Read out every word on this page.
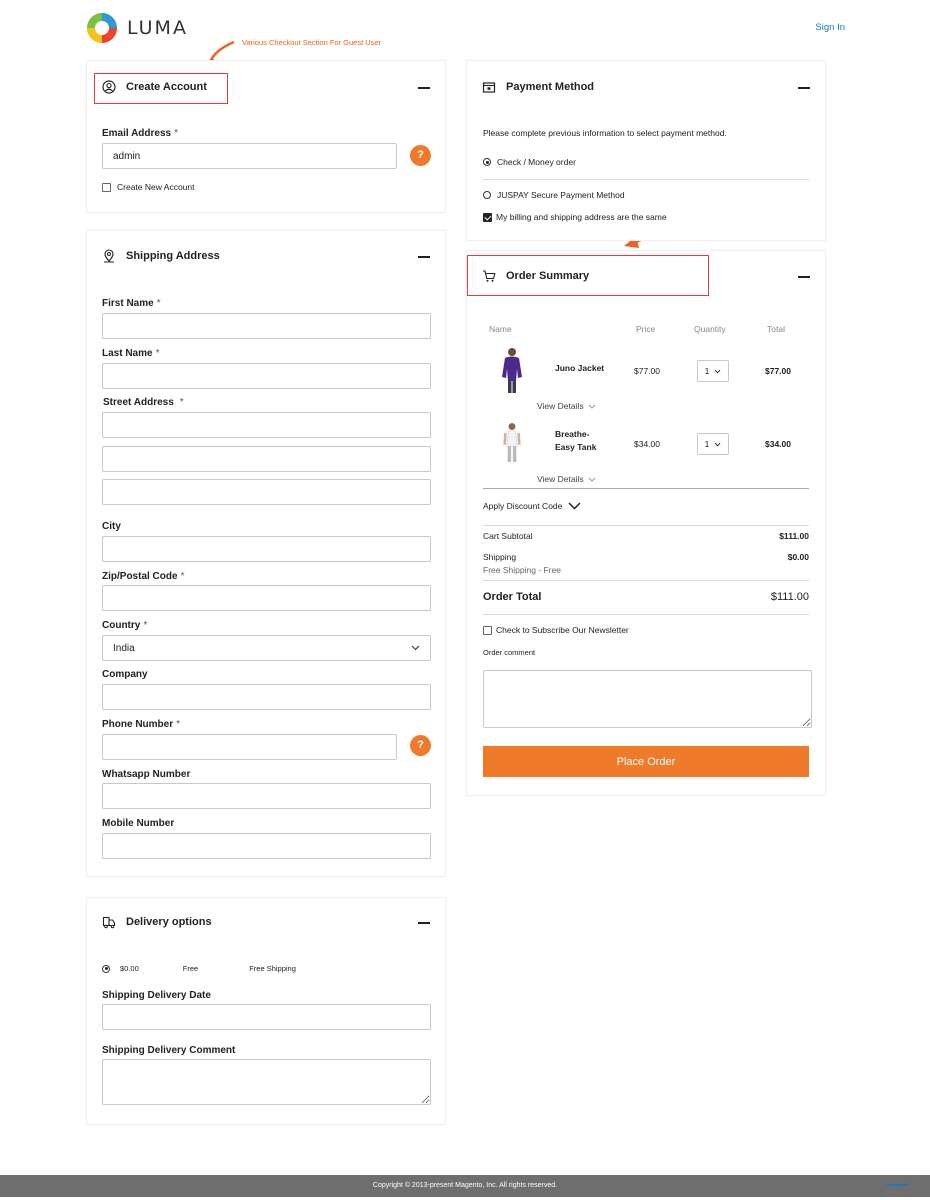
LUMA	Sign In
Various Checkout Section For Guest User
Create Account
Email Address *
admin
?
Create New Account
Shipping Address
First Name *
Last Name *
Street Address *
City
Zip/Postal Code *
Country *
India
Company
Phone Number *
?
Whatsapp Number
Mobile Number
Delivery options
$0.00	Free	Free Shipping
Shipping Delivery Date
Shipping Delivery Comment
Payment Method
Please complete previous information to select payment method.
Check / Money order
JUSPAY Secure Payment Method
My billing and shipping address are the same
Order Summary
Name	Price	Quantity	Total
Juno Jacket	$77.00	1	$77.00
View Details
Breathe-Easy Tank	$34.00	1	$34.00
View Details
Apply Discount Code
Cart Subtotal	$111.00
Shipping	$0.00
Free Shipping - Free
Order Total	$111.00
Check to Subscribe Our Newsletter
Order comment
Place Order
Copyright © 2013-present Magento, Inc. All rights reserved.
